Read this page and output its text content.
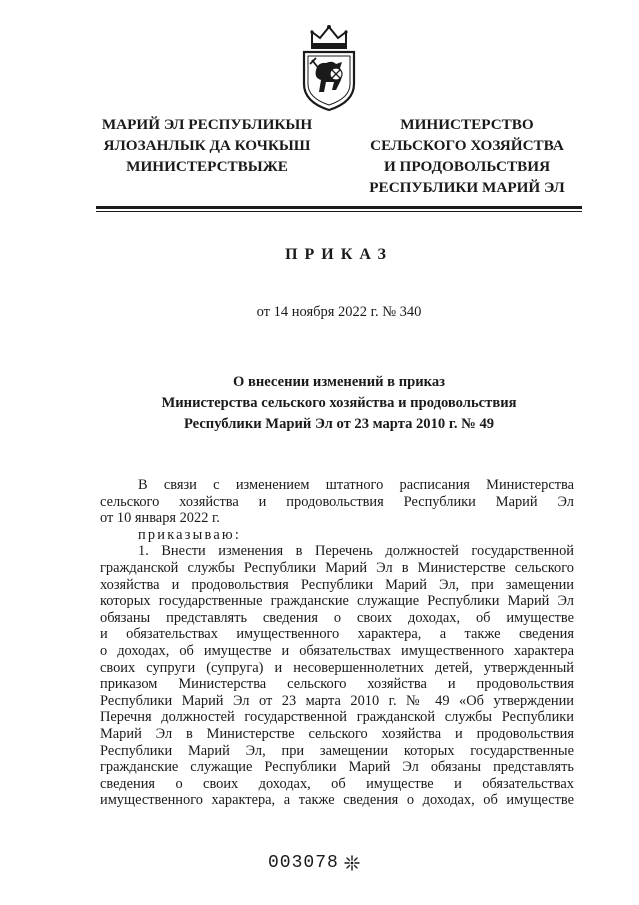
МАРИЙ ЭЛ РЕСПУБЛИКЫН
ЯЛОЗАНЛЫК ДА КОЧКЫШ
МИНИСТЕРСТВЫЖЕ
МИНИСТЕРСТВО
СЕЛЬСКОГО ХОЗЯЙСТВА
И ПРОДОВОЛЬСТВИЯ
РЕСПУБЛИКИ МАРИЙ ЭЛ
ПРИКАЗ
от 14 ноября 2022 г. № 340
О внесении изменений в приказ
Министерства сельского хозяйства и продовольствия
Республики Марий Эл от 23 марта 2010 г. № 49
В связи с изменением штатного расписания Министерства
сельского хозяйства и продовольствия Республики Марий Эл
от 10 января 2022 г.
приказываю:
1. Внести изменения в Перечень должностей государственной
гражданской службы Республики Марий Эл в Министерстве сельского
хозяйства и продовольствия Республики Марий Эл, при замещении
которых государственные гражданские служащие Республики Марий Эл
обязаны представлять сведения о своих доходах, об имуществе
и обязательствах имущественного характера, а также сведения
о доходах, об имуществе и обязательствах имущественного характера
своих супруги (супруга) и несовершеннолетних детей, утвержденный
приказом Министерства сельского хозяйства и продовольствия
Республики Марий Эл от 23 марта 2010 г. № 49 «Об утверждении
Перечня должностей государственной гражданской службы Республики
Марий Эл в Министерстве сельского хозяйства и продовольствия
Республики Марий Эл, при замещении которых государственные
гражданские служащие Республики Марий Эл обязаны представлять
сведения о своих доходах, об имуществе и обязательствах
имущественного характера, а также сведения о доходах, об имуществе
003078
